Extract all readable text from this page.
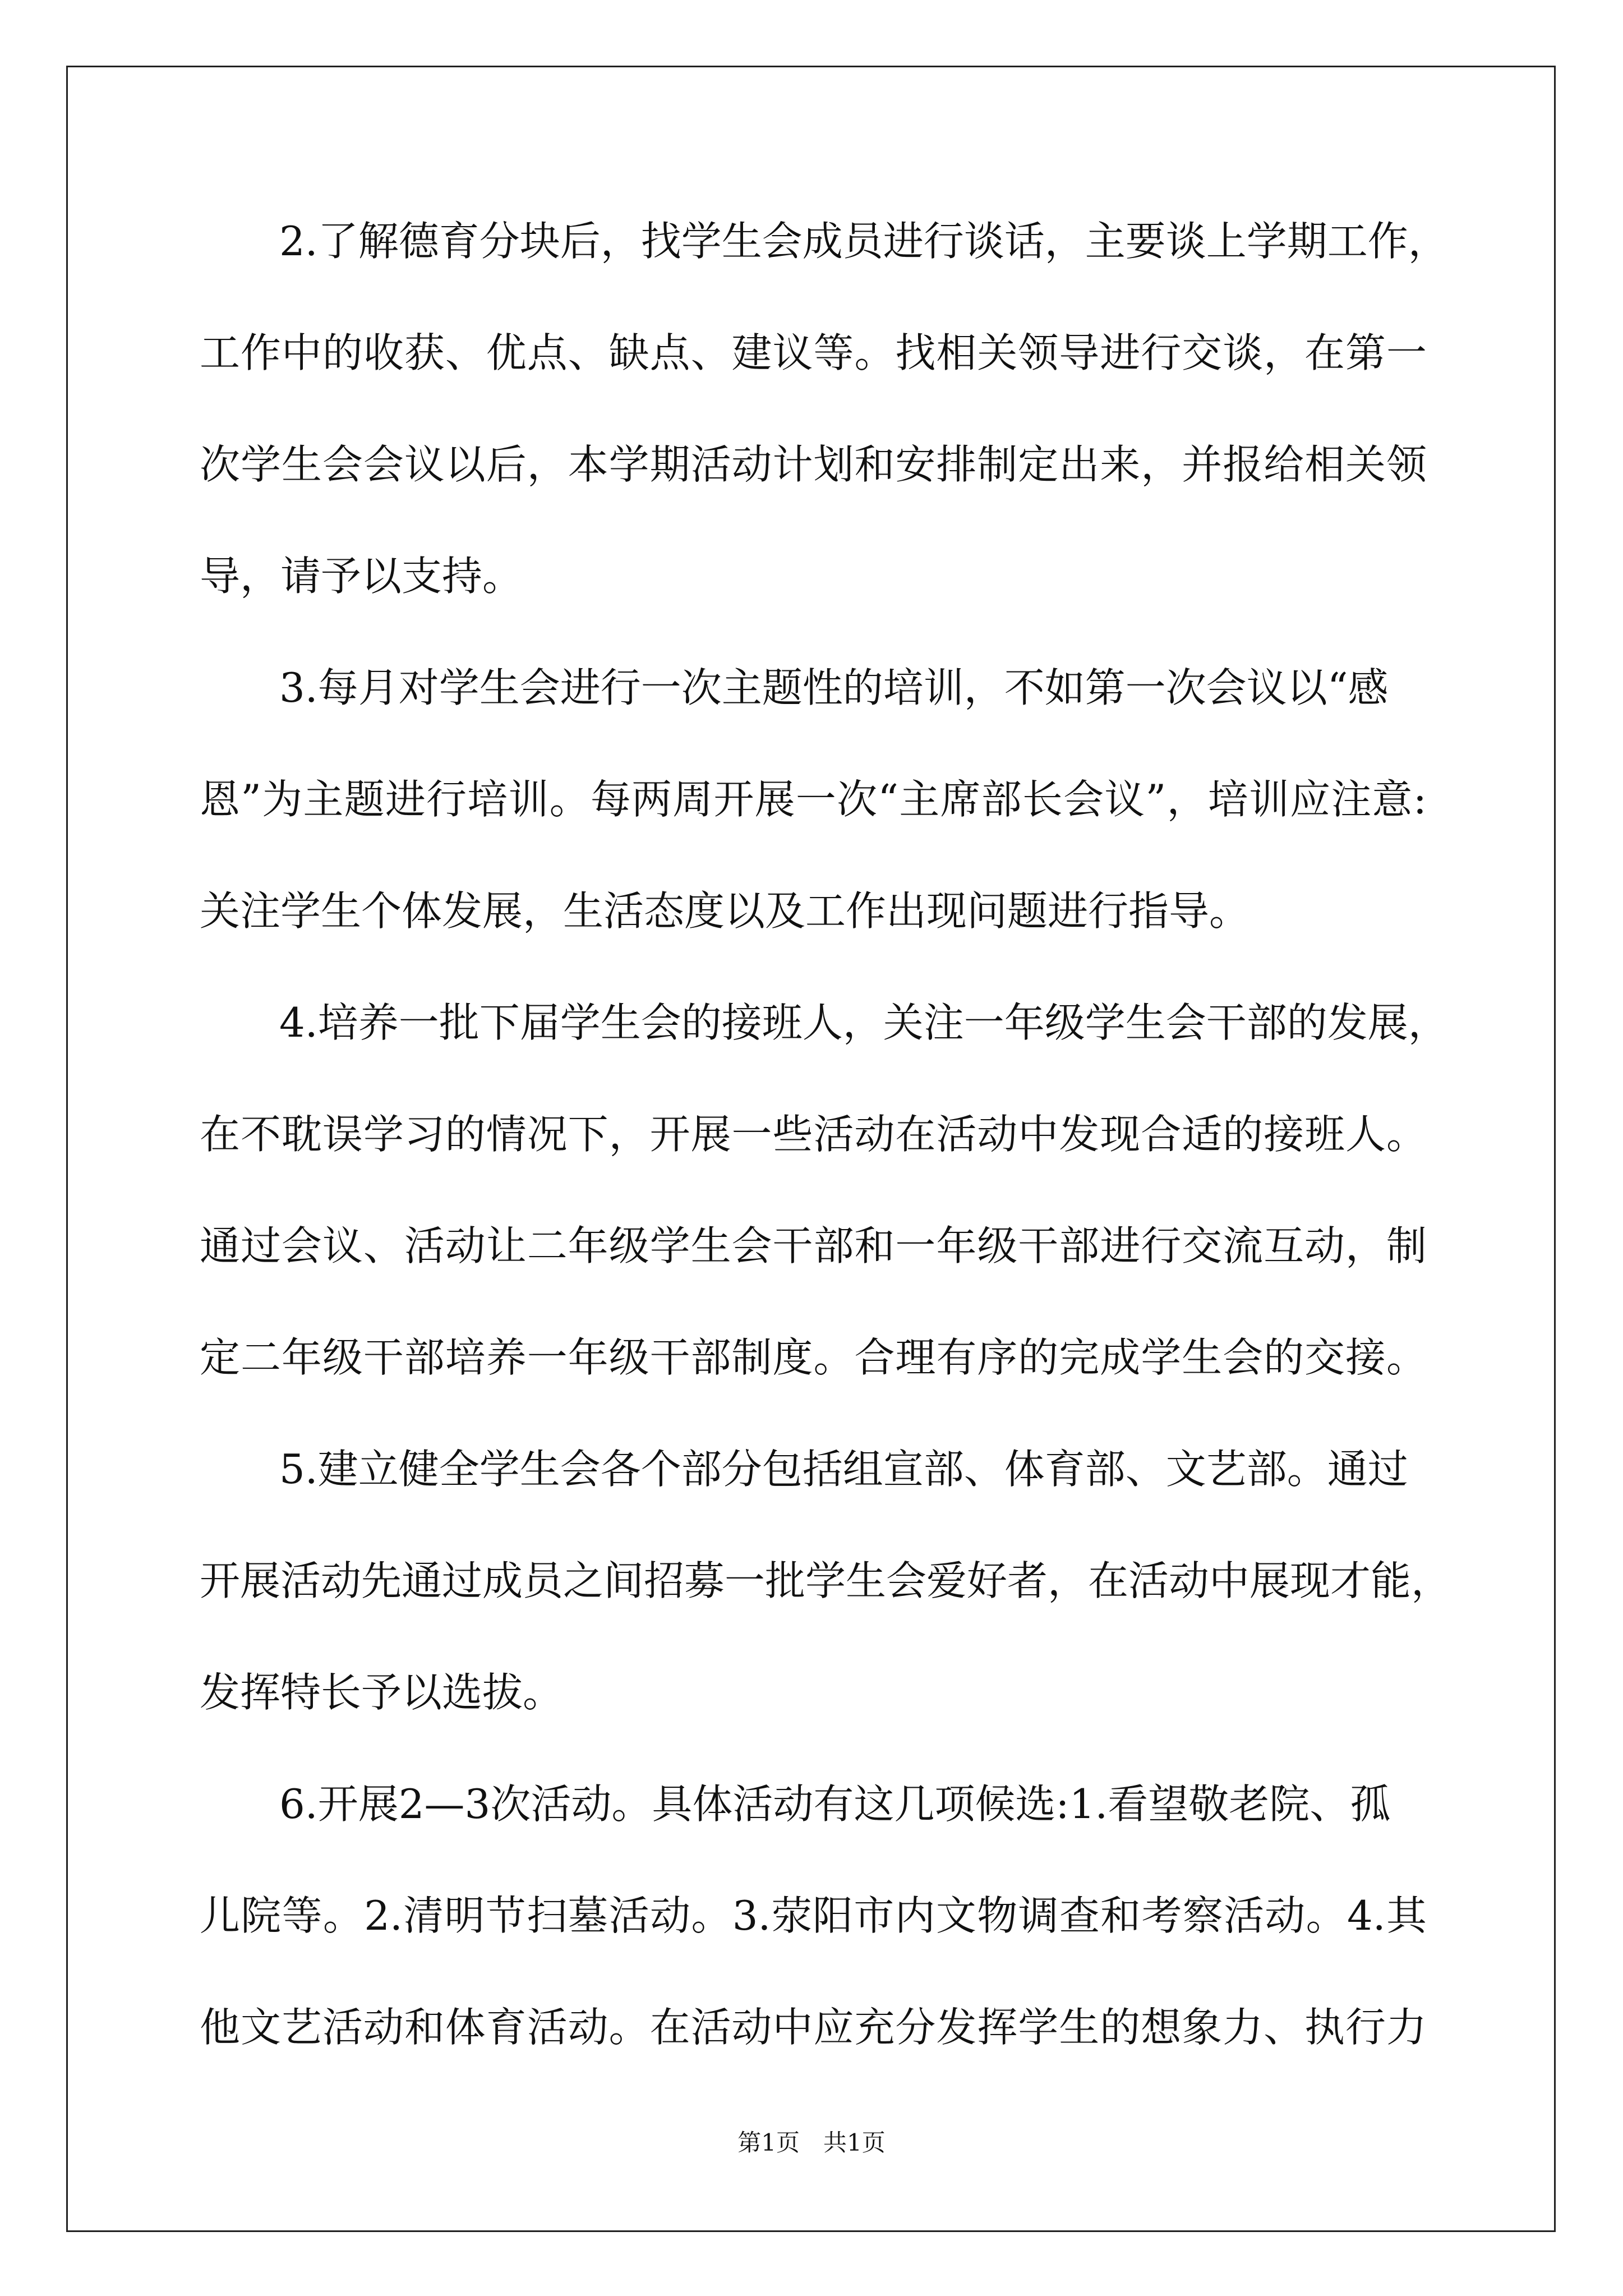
2.了解德育分块后，找学生会成员进行谈话，主要谈上学期工作，
工作中的收获、优点、缺点、建议等。找相关领导进行交谈，在第一
次学生会会议以后，本学期活动计划和安排制定出来，并报给相关领
导，请予以支持。
3.每月对学生会进行一次主题性的培训，不如第一次会议以“感
恩”为主题进行培训。每两周开展一次“主席部长会议”，培训应注意:
关注学生个体发展，生活态度以及工作出现问题进行指导。
4.培养一批下届学生会的接班人，关注一年级学生会干部的发展，
在不耽误学习的情况下，开展一些活动在活动中发现合适的接班人。
通过会议、活动让二年级学生会干部和一年级干部进行交流互动，制
定二年级干部培养一年级干部制度。合理有序的完成学生会的交接。
5.建立健全学生会各个部分包括组宣部、体育部、文艺部。通过
开展活动先通过成员之间招募一批学生会爱好者，在活动中展现才能，
发挥特长予以选拔。
6.开展2—3次活动。具体活动有这几项候选:1.看望敬老院、孤
儿院等。2.清明节扫墓活动。3.荥阳市内文物调查和考察活动。4.其
他文艺活动和体育活动。在活动中应充分发挥学生的想象力、执行力
第1页　共1页
